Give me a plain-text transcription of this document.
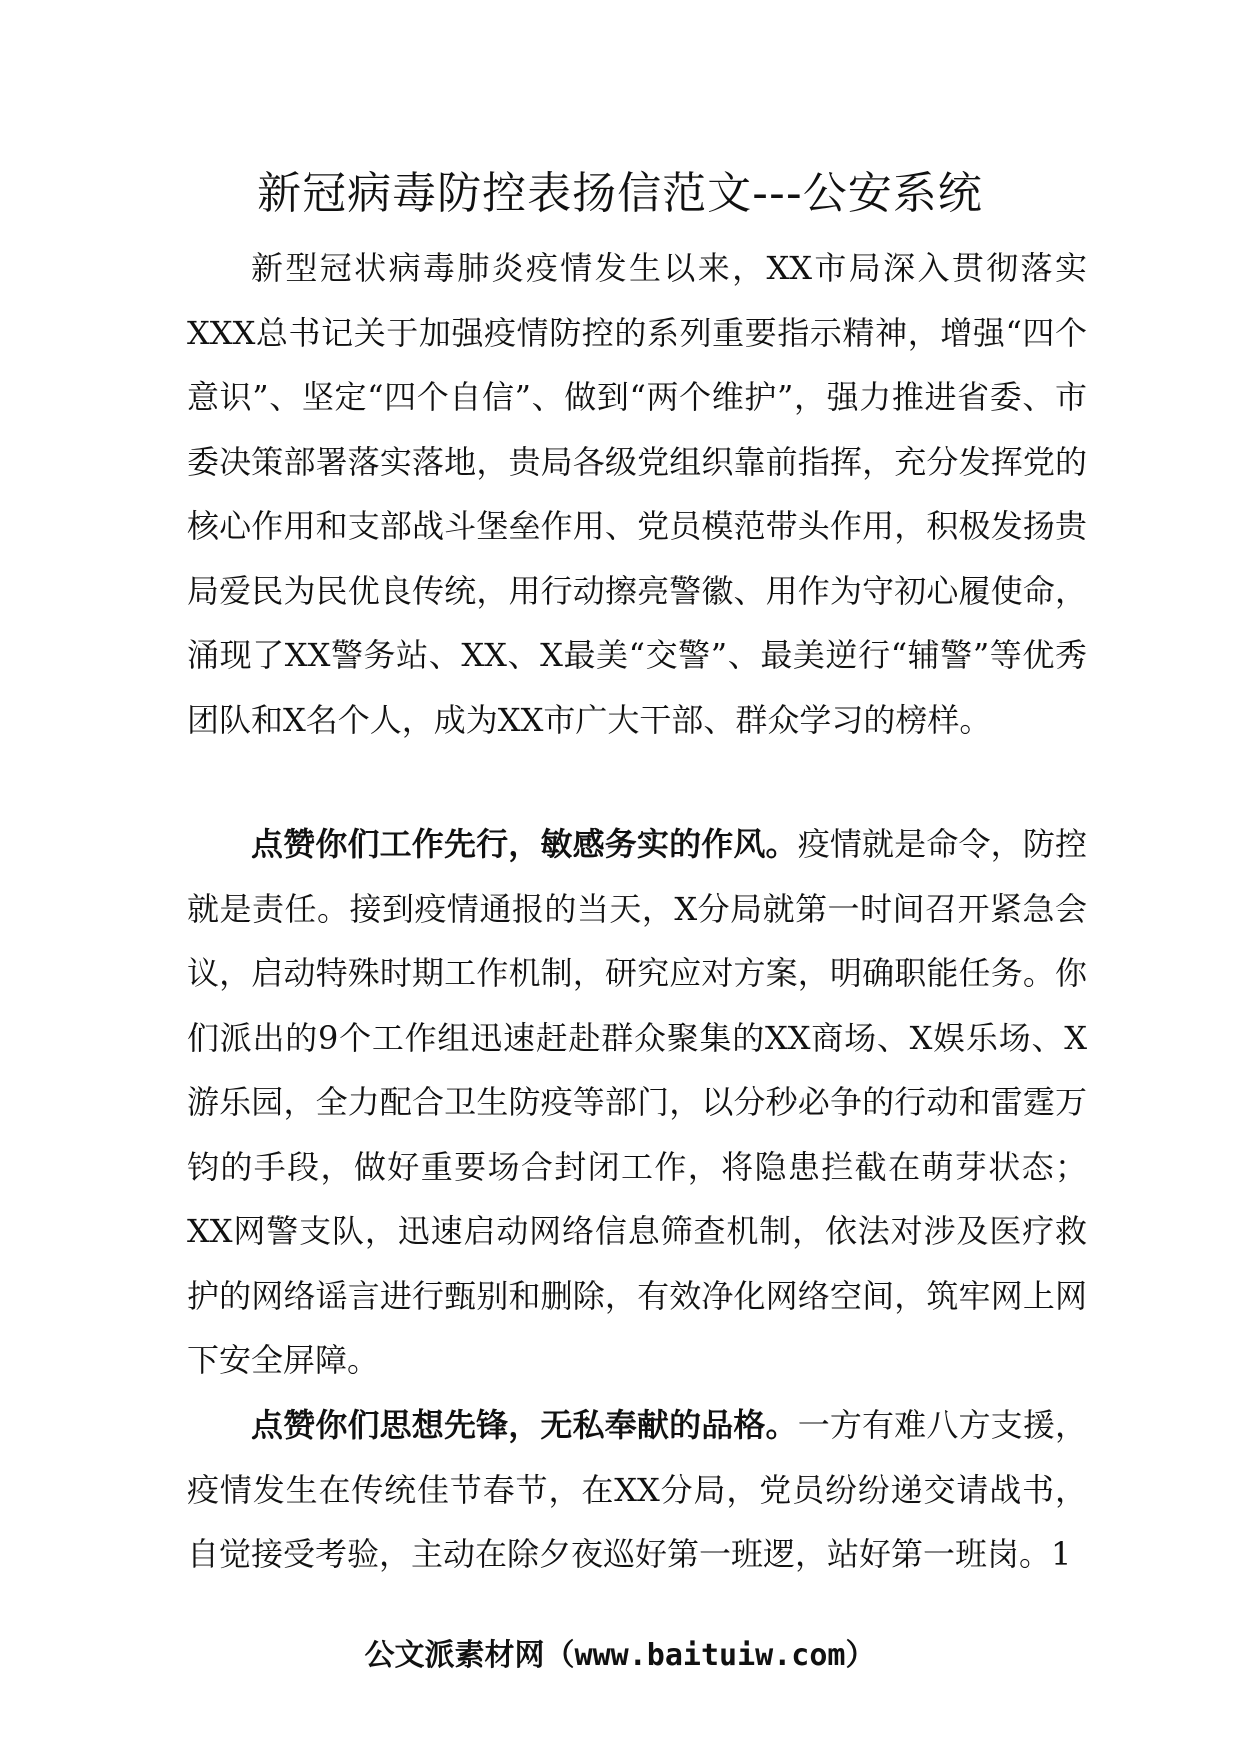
新冠病毒防控表扬信范文---公安系统

新型冠状病毒肺炎疫情发生以来，XX市局深入贯彻落实XXX总书记关于加强疫情防控的系列重要指示精神，增强“四个意识”、坚定“四个自信”、做到“两个维护”，强力推进省委、市委决策部署落实落地，贵局各级党组织靠前指挥，充分发挥党的核心作用和支部战斗堡垒作用、党员模范带头作用，积极发扬贵局爱民为民优良传统，用行动擦亮警徽、用作为守初心履使命，涌现了XX警务站、XX、X最美“交警”、最美逆行“辅警”等优秀团队和X名个人，成为XX市广大干部、群众学习的榜样。

点赞你们工作先行，敏感务实的作风。疫情就是命令，防控就是责任。接到疫情通报的当天，X分局就第一时间召开紧急会议，启动特殊时期工作机制，研究应对方案，明确职能任务。你们派出的9个工作组迅速赶赴群众聚集的XX商场、X娱乐场、X游乐园，全力配合卫生防疫等部门，以分秒必争的行动和雷霆万钧的手段，做好重要场合封闭工作，将隐患拦截在萌芽状态；XX网警支队，迅速启动网络信息筛查机制，依法对涉及医疗救护的网络谣言进行甄别和删除，有效净化网络空间，筑牢网上网下安全屏障。

点赞你们思想先锋，无私奉献的品格。一方有难八方支援，疫情发生在传统佳节春节，在XX分局，党员纷纷递交请战书，自觉接受考验，主动在除夕夜巡好第一班逻，站好第一班岗。1

公文派素材网（www.baituiw.com）
